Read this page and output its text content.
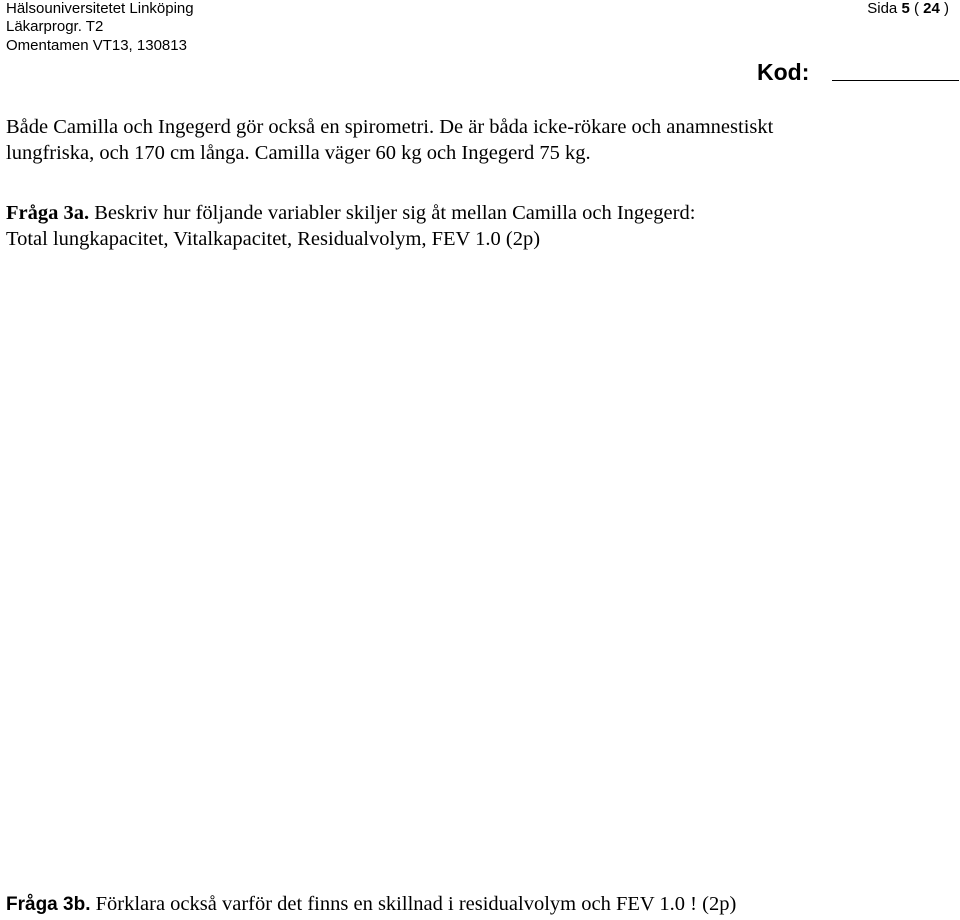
Hälsouniversitetet Linköping
Läkarprogr. T2
Omentamen VT13, 130813
Sida 5 ( 24 )
Kod:
Både Camilla och Ingegerd gör också en spirometri. De är båda icke-rökare och anamnestiskt
lungfriska, och 170 cm långa. Camilla väger 60 kg och Ingegerd 75 kg.
Fråga 3a. Beskriv hur följande variabler skiljer sig åt mellan Camilla och Ingegerd:
Total lungkapacitet, Vitalkapacitet, Residualvolym, FEV 1.0 (2p)
Fråga 3b. Förklara också varför det finns en skillnad i residualvolym och FEV 1.0 ! (2p)
